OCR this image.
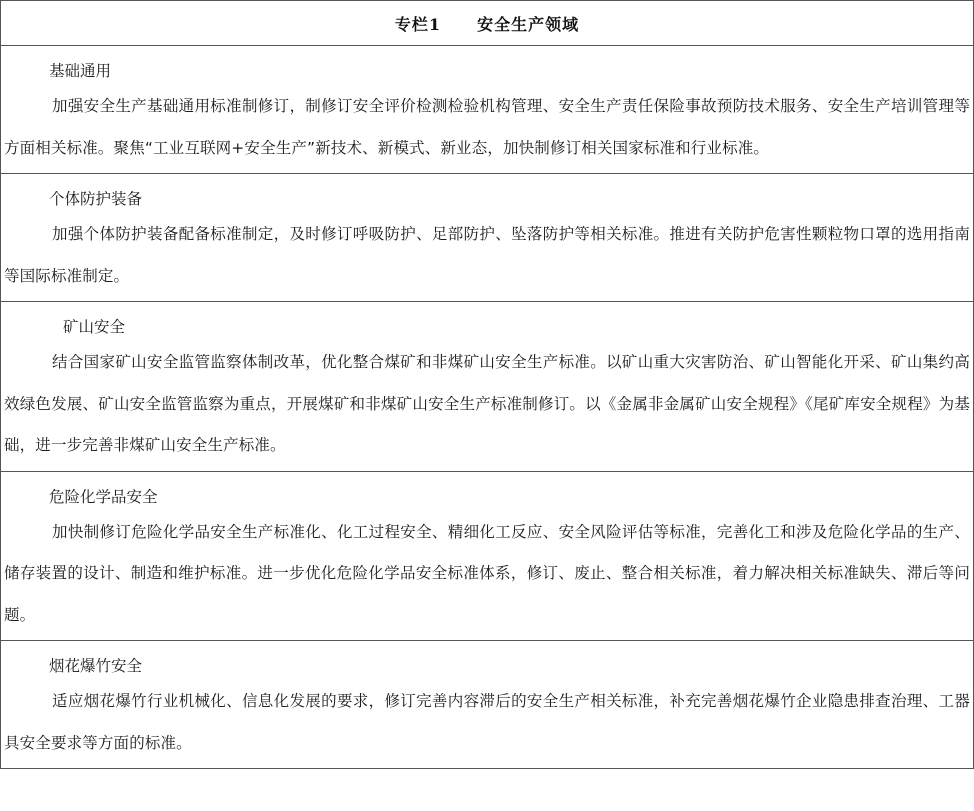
专栏1 安全生产领域

基础通用

加强安全生产基础通用标准制修订，制修订安全评价检测检验机构管理、安全生产责任保险事故预防技术服务、安全生产培训管理等方面相关标准。聚焦“工业互联网+安全生产”新技术、新模式、新业态，加快制修订相关国家标准和行业标准。

个体防护装备

加强个体防护装备配备标准制定，及时修订呼吸防护、足部防护、坠落防护等相关标准。推进有关防护危害性颗粒物口罩的选用指南等国际标准制定。

矿山安全

结合国家矿山安全监管监察体制改革，优化整合煤矿和非煤矿山安全生产标准。以矿山重大灾害防治、矿山智能化开采、矿山集约高效绿色发展、矿山安全监管监察为重点，开展煤矿和非煤矿山安全生产标准制修订。以《金属非金属矿山安全规程》《尾矿库安全规程》为基础，进一步完善非煤矿山安全生产标准。

危险化学品安全

加快制修订危险化学品安全生产标准化、化工过程安全、精细化工反应、安全风险评估等标准，完善化工和涉及危险化学品的生产、储存装置的设计、制造和维护标准。进一步优化危险化学品安全标准体系，修订、废止、整合相关标准，着力解决相关标准缺失、滞后等问题。

烟花爆竹安全

适应烟花爆竹行业机械化、信息化发展的要求，修订完善内容滞后的安全生产相关标准，补充完善烟花爆竹企业隐患排查治理、工器具安全要求等方面的标准。
